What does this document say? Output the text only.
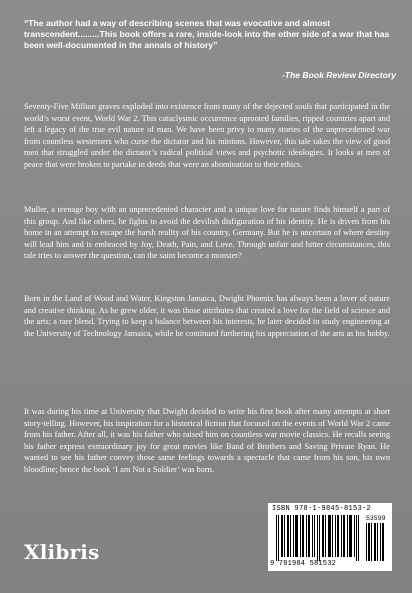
“The author had a way of describing scenes that was evocative and almost transcendent.........This book offers a rare, inside-look into the other side of a war that has been well-documented in the annals of history”
-The Book Review Directory
Seventy-Five Million graves exploded into existence from many of the dejected souls that participated in the world’s worst event, World War 2. This cataclysmic occurrence uprooted families, ripped countries apart and left a legacy of the true evil nature of man. We have been privy to many stories of the unprecedented war from countless westerners who curse the dictator and his minions. However, this tale takes the view of good men that struggled under the dictator’s radical political views and psychotic ideologies. It looks at men of peace that were broken to partake in deeds that were an abomination to their ethics.
Muller, a teenage boy with an unprecedented character and a unique love for nature finds himself a part of this group. And like others, he fights to avoid the devilish disfiguration of his identity. He is driven from his home in an attempt to escape the harsh reality of his country, Germany. But he is uncertain of where destiny will lead him and is embraced by Joy, Death, Pain, and Love. Through unfair and bitter circumstances, this tale tries to answer the question, can the saint become a monster?
Born in the Land of Wood and Water, Kingston Jamaica, Dwight Phoenix has always been a lover of nature and creative thinking. As he grew older, it was those attributes that created a love for the field of science and the arts; a rare blend. Trying to keep a balance between his interests, he later decided to study engineering at the University of Technology Jamaica, while he continued furthering his appreciation of the arts as his hobby.
It was during his time at University that Dwight decided to write his first book after many attempts at short story-telling. However, his inspiration for a historical fiction that focused on the events of World War 2 came from his father. After all, it was his father who raised him on countless war movie classics. He recalls seeing his father express extraordinary joy for great movies like Band of Brothers and Saving Private Ryan. He wanted to see his father convey those same feelings towards a spectacle that came from his son, his own bloodline; hence the book ‘I am Not a Soldier’ was born.
ISBN 978-1-9845-8153-2
53599
9 781984 581532
Xlibris
